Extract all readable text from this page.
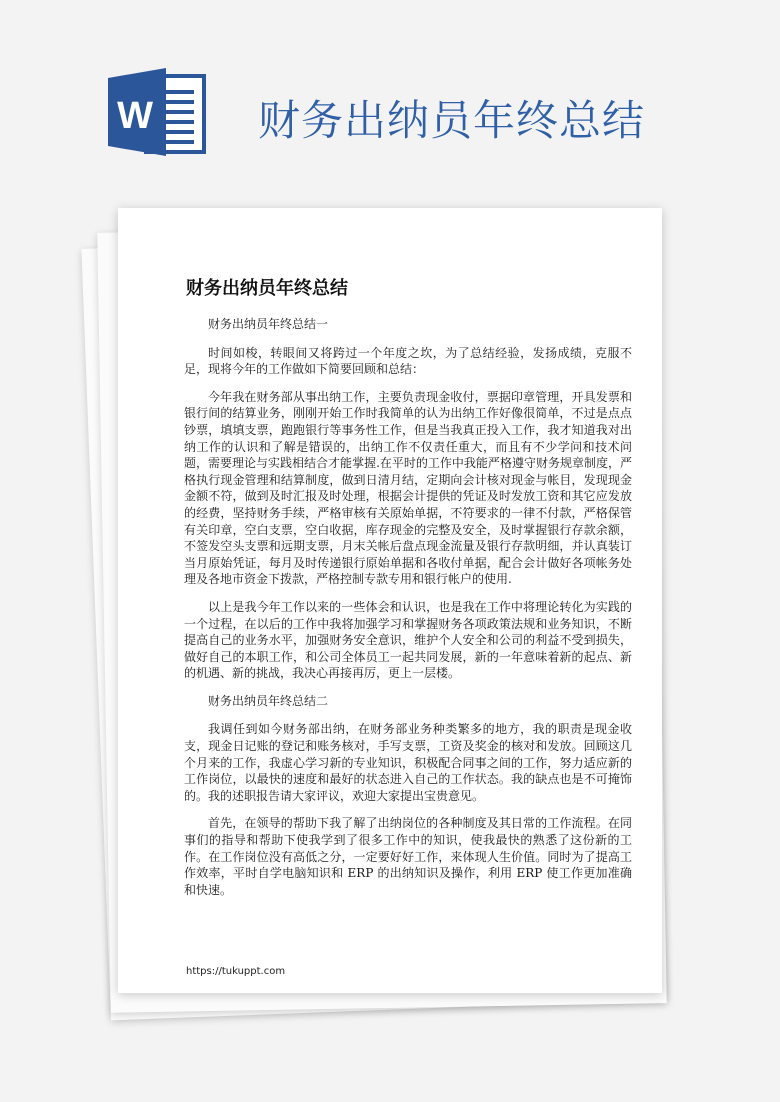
W	财务出纳员年终总结
财务出纳员年终总结

财务出纳员年终总结一

时间如梭，转眼间又将跨过一个年度之坎，为了总结经验，发扬成绩，克服不足，现将今年的工作做如下简要回顾和总结：

今年我在财务部从事出纳工作，主要负责现金收付，票据印章管理，开具发票和银行间的结算业务，刚刚开始工作时我简单的认为出纳工作好像很简单，不过是点点钞票，填填支票，跑跑银行等事务性工作，但是当我真正投入工作，我才知道我对出纳工作的认识和了解是错误的，出纳工作不仅责任重大，而且有不少学问和技术问题，需要理论与实践相结合才能掌握.在平时的工作中我能严格遵守财务规章制度，严格执行现金管理和结算制度，做到日清月结，定期向会计核对现金与帐目，发现现金金额不符，做到及时汇报及时处理，根据会计提供的凭证及时发放工资和其它应发放的经费，坚持财务手续，严格审核有关原始单据，不符要求的一律不付款，严格保管有关印章，空白支票，空白收据，库存现金的完整及安全，及时掌握银行存款余额，不签发空头支票和远期支票，月末关帐后盘点现金流量及银行存款明细，并认真装订当月原始凭证，每月及时传递银行原始单据和各收付单据，配合会计做好各项帐务处理及各地市资金下拨款，严格控制专款专用和银行帐户的使用.

以上是我今年工作以来的一些体会和认识，也是我在工作中将理论转化为实践的一个过程，在以后的工作中我将加强学习和掌握财务各项政策法规和业务知识，不断提高自己的业务水平，加强财务安全意识，维护个人安全和公司的利益不受到损失，做好自己的本职工作，和公司全体员工一起共同发展，新的一年意味着新的起点、新的机遇、新的挑战，我决心再接再厉，更上一层楼。

财务出纳员年终总结二

我调任到如今财务部出纳，在财务部业务种类繁多的地方，我的职责是现金收支，现金日记账的登记和账务核对，手写支票，工资及奖金的核对和发放。回顾这几个月来的工作，我虚心学习新的专业知识，积极配合同事之间的工作，努力适应新的工作岗位，以最快的速度和最好的状态进入自己的工作状态。我的缺点也是不可掩饰的。我的述职报告请大家评议，欢迎大家提出宝贵意见。

首先，在领导的帮助下我了解了出纳岗位的各种制度及其日常的工作流程。在同事们的指导和帮助下使我学到了很多工作中的知识，使我最快的熟悉了这份新的工作。在工作岗位没有高低之分，一定要好好工作，来体现人生价值。同时为了提高工作效率，平时自学电脑知识和 ERP 的出纳知识及操作，利用 ERP 使工作更加准确和快速。

https://tukuppt.com
